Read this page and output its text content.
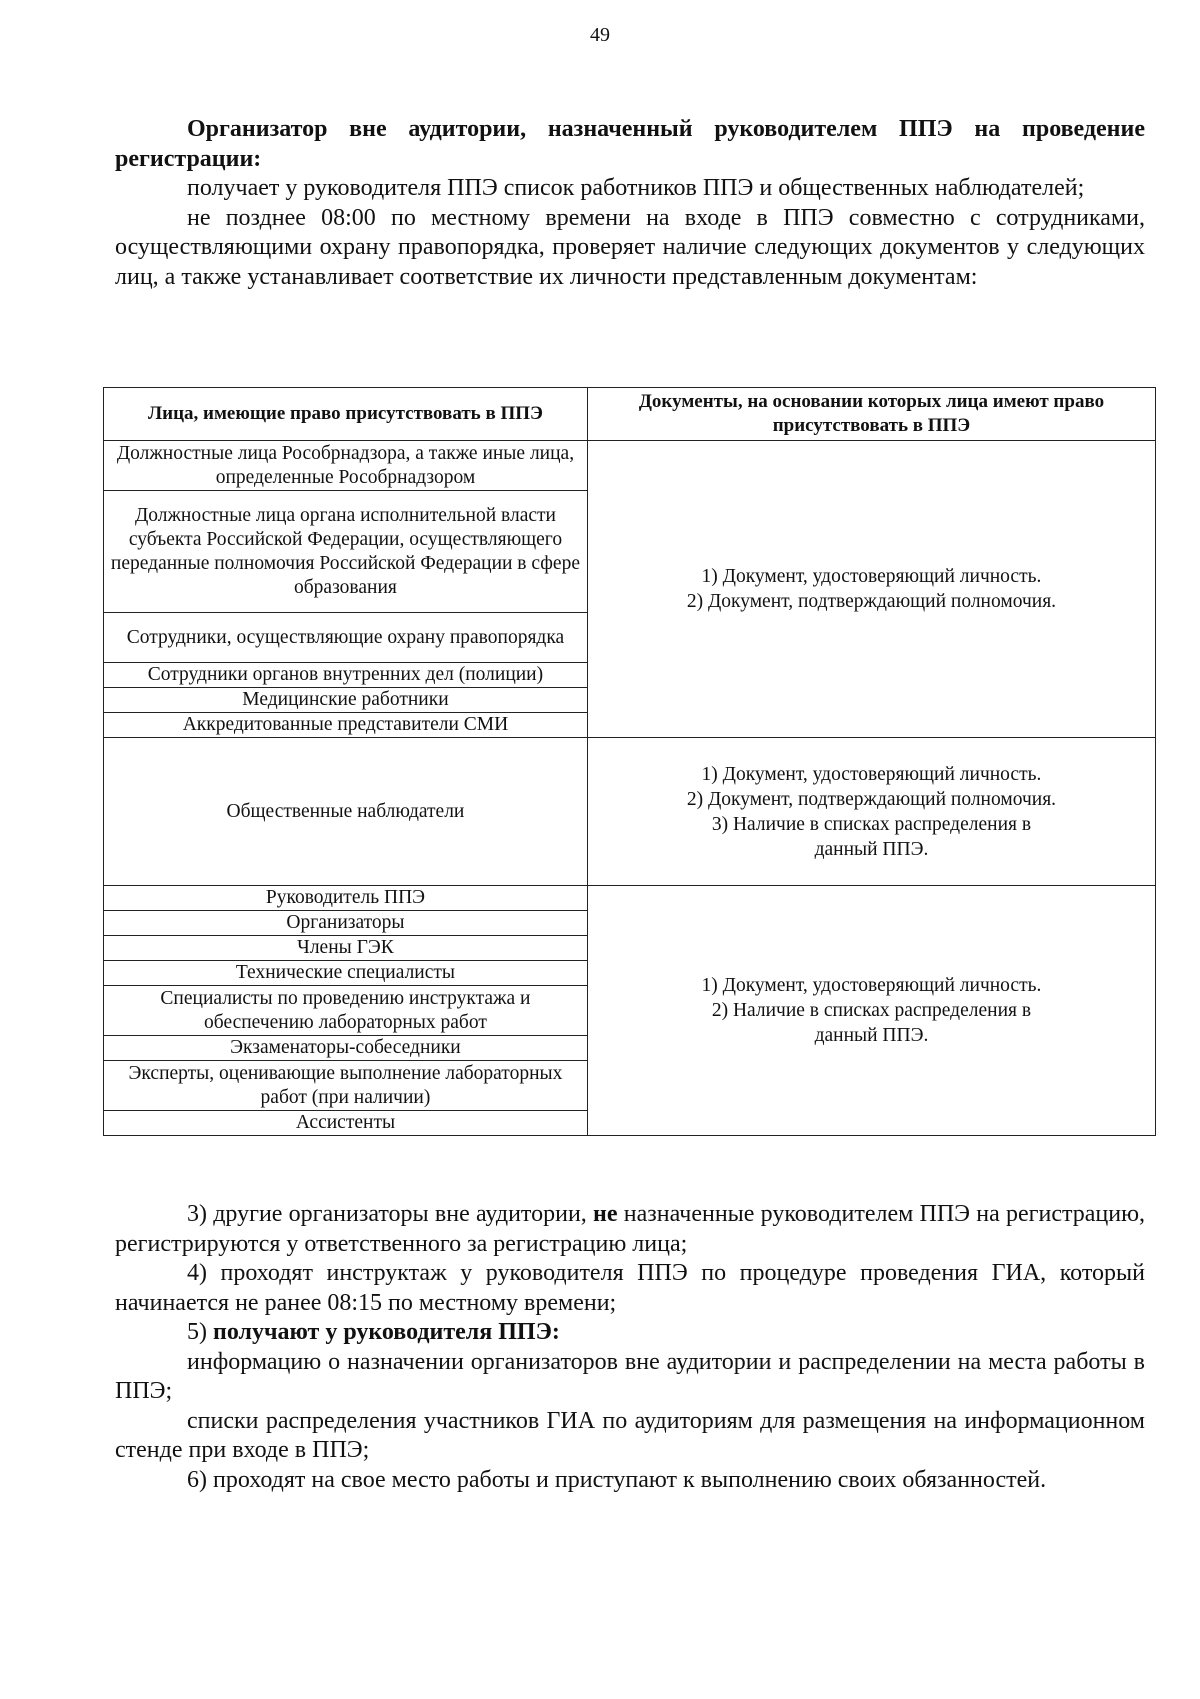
49

Организатор вне аудитории, назначенный руководителем ППЭ на проведение регистрации:

получает у руководителя ППЭ список работников ППЭ и общественных наблюдателей;

не позднее 08:00 по местному времени на входе в ППЭ совместно с сотрудниками, осуществляющими охрану правопорядка, проверяет наличие следующих документов у следующих лиц, а также устанавливает соответствие их личности представленным документам:

Лица, имеющие право присутствовать в ППЭ	Документы, на основании которых лица имеют право присутствовать в ППЭ
Должностные лица Рособрнадзора, а также иные лица, определенные Рособрнадзором	1) Документ, удостоверяющий личность.
2) Документ, подтверждающий полномочия.

Должностные лица органа исполнительной власти субъекта Российской Федерации, осуществляющего переданные полномочия Российской Федерации в сфере образования	
Сотрудники, осуществляющие охрану правопорядка	
Сотрудники органов внутренних дел (полиции)	
Медицинские работники	
Аккредитованные представители СМИ	
Общественные наблюдатели	1) Документ, удостоверяющий личность.
2) Документ, подтверждающий полномочия.
3) Наличие в списках распределения в данный ППЭ.

Руководитель ППЭ	1) Документ, удостоверяющий личность.
2) Наличие в списках распределения в данный ППЭ.

Организаторы	
Члены ГЭК	
Технические специалисты	
Специалисты по проведению инструктажа и обеспечению лабораторных работ	
Экзаменаторы-собеседники	
Эксперты, оценивающие выполнение лабораторных работ (при наличии)	
Ассистенты	

3) другие организаторы вне аудитории, не назначенные руководителем ППЭ на регистрацию, регистрируются у ответственного за регистрацию лица;

4) проходят инструктаж у руководителя ППЭ по процедуре проведения ГИА, который начинается не ранее 08:15 по местному времени;

5) получают у руководителя ППЭ:

информацию о назначении организаторов вне аудитории и распределении на места работы в ППЭ;

списки распределения участников ГИА по аудиториям для размещения на информационном стенде при входе в ППЭ;

6) проходят на свое место работы и приступают к выполнению своих обязанностей.
